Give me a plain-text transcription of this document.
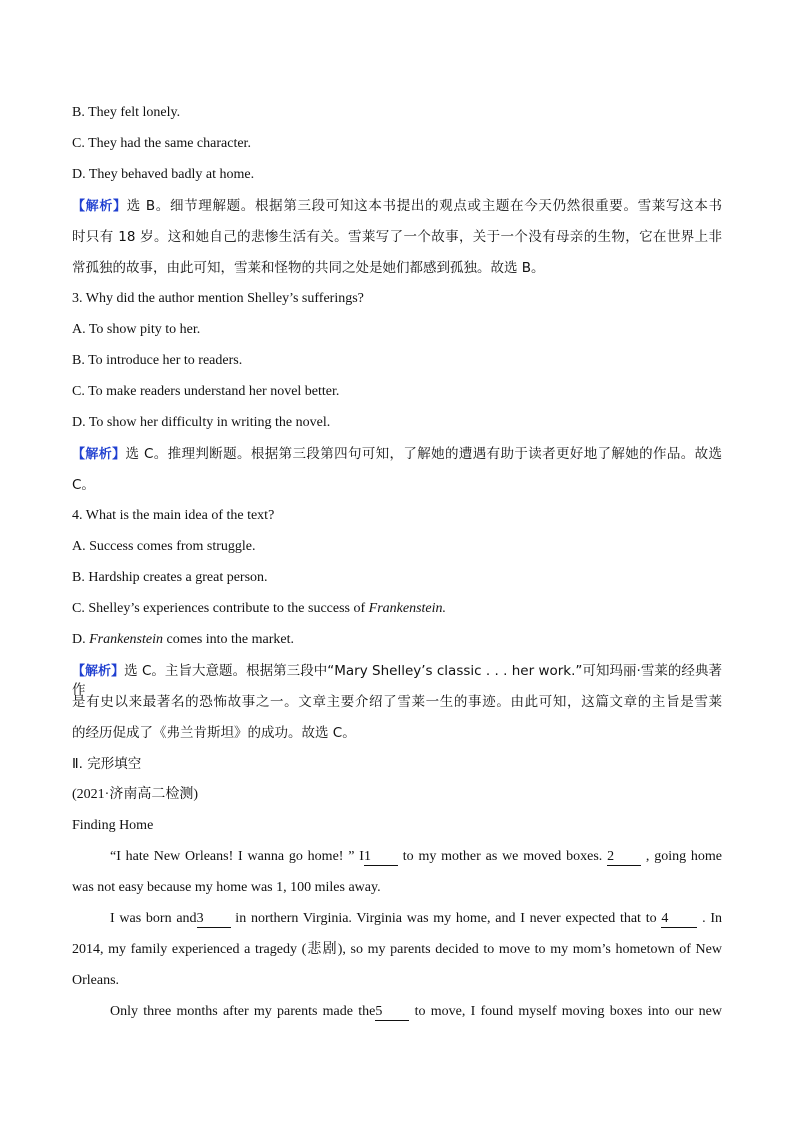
B. They felt lonely.
C. They had the same character.
D. They behaved badly at home.
【解析】选 B。细节理解题。根据第三段可知这本书提出的观点或主题在今天仍然很重要。雪莱写这本书
时只有 18 岁。这和她自己的悲惨生活有关。雪莱写了一个故事，关于一个没有母亲的生物，它在世界上非
常孤独的故事，由此可知，雪莱和怪物的共同之处是她们都感到孤独。故选 B。
3. Why did the author mention Shelley’s sufferings?
A. To show pity to her.
B. To introduce her to readers.
C. To make readers understand her novel better.
D. To show her difficulty in writing the novel.
【解析】选 C。推理判断题。根据第三段第四句可知，了解她的遭遇有助于读者更好地了解她的作品。故选
C。
4. What is the main idea of the text?
A. Success comes from struggle.
B. Hardship creates a great person.
C. Shelley’s experiences contribute to the success of Frankenstein.
D. Frankenstein comes into the market.
【解析】选 C。主旨大意题。根据第三段中“Mary Shelley’s classic . . . her work.”可知玛丽·雪莱的经典著作
是有史以来最著名的恐怖故事之一。文章主要介绍了雪莱一生的事迹。由此可知，这篇文章的主旨是雪莱
的经历促成了《弗兰肯斯坦》的成功。故选 C。
Ⅱ. 完形填空
(2021·济南高二检测)
Finding Home
“I hate New Orleans! I wanna go home! ” I1 to my mother as we moved boxes. 2 , going home
was not easy because my home was 1, 100 miles away.
I was born and3 in northern Virginia. Virginia was my home, and I never expected that to 4 . In
2014, my family experienced a tragedy (悲剧), so my parents decided to move to my mom’s hometown of New
Orleans.
Only three months after my parents made the5 to move, I found myself moving boxes into our new
